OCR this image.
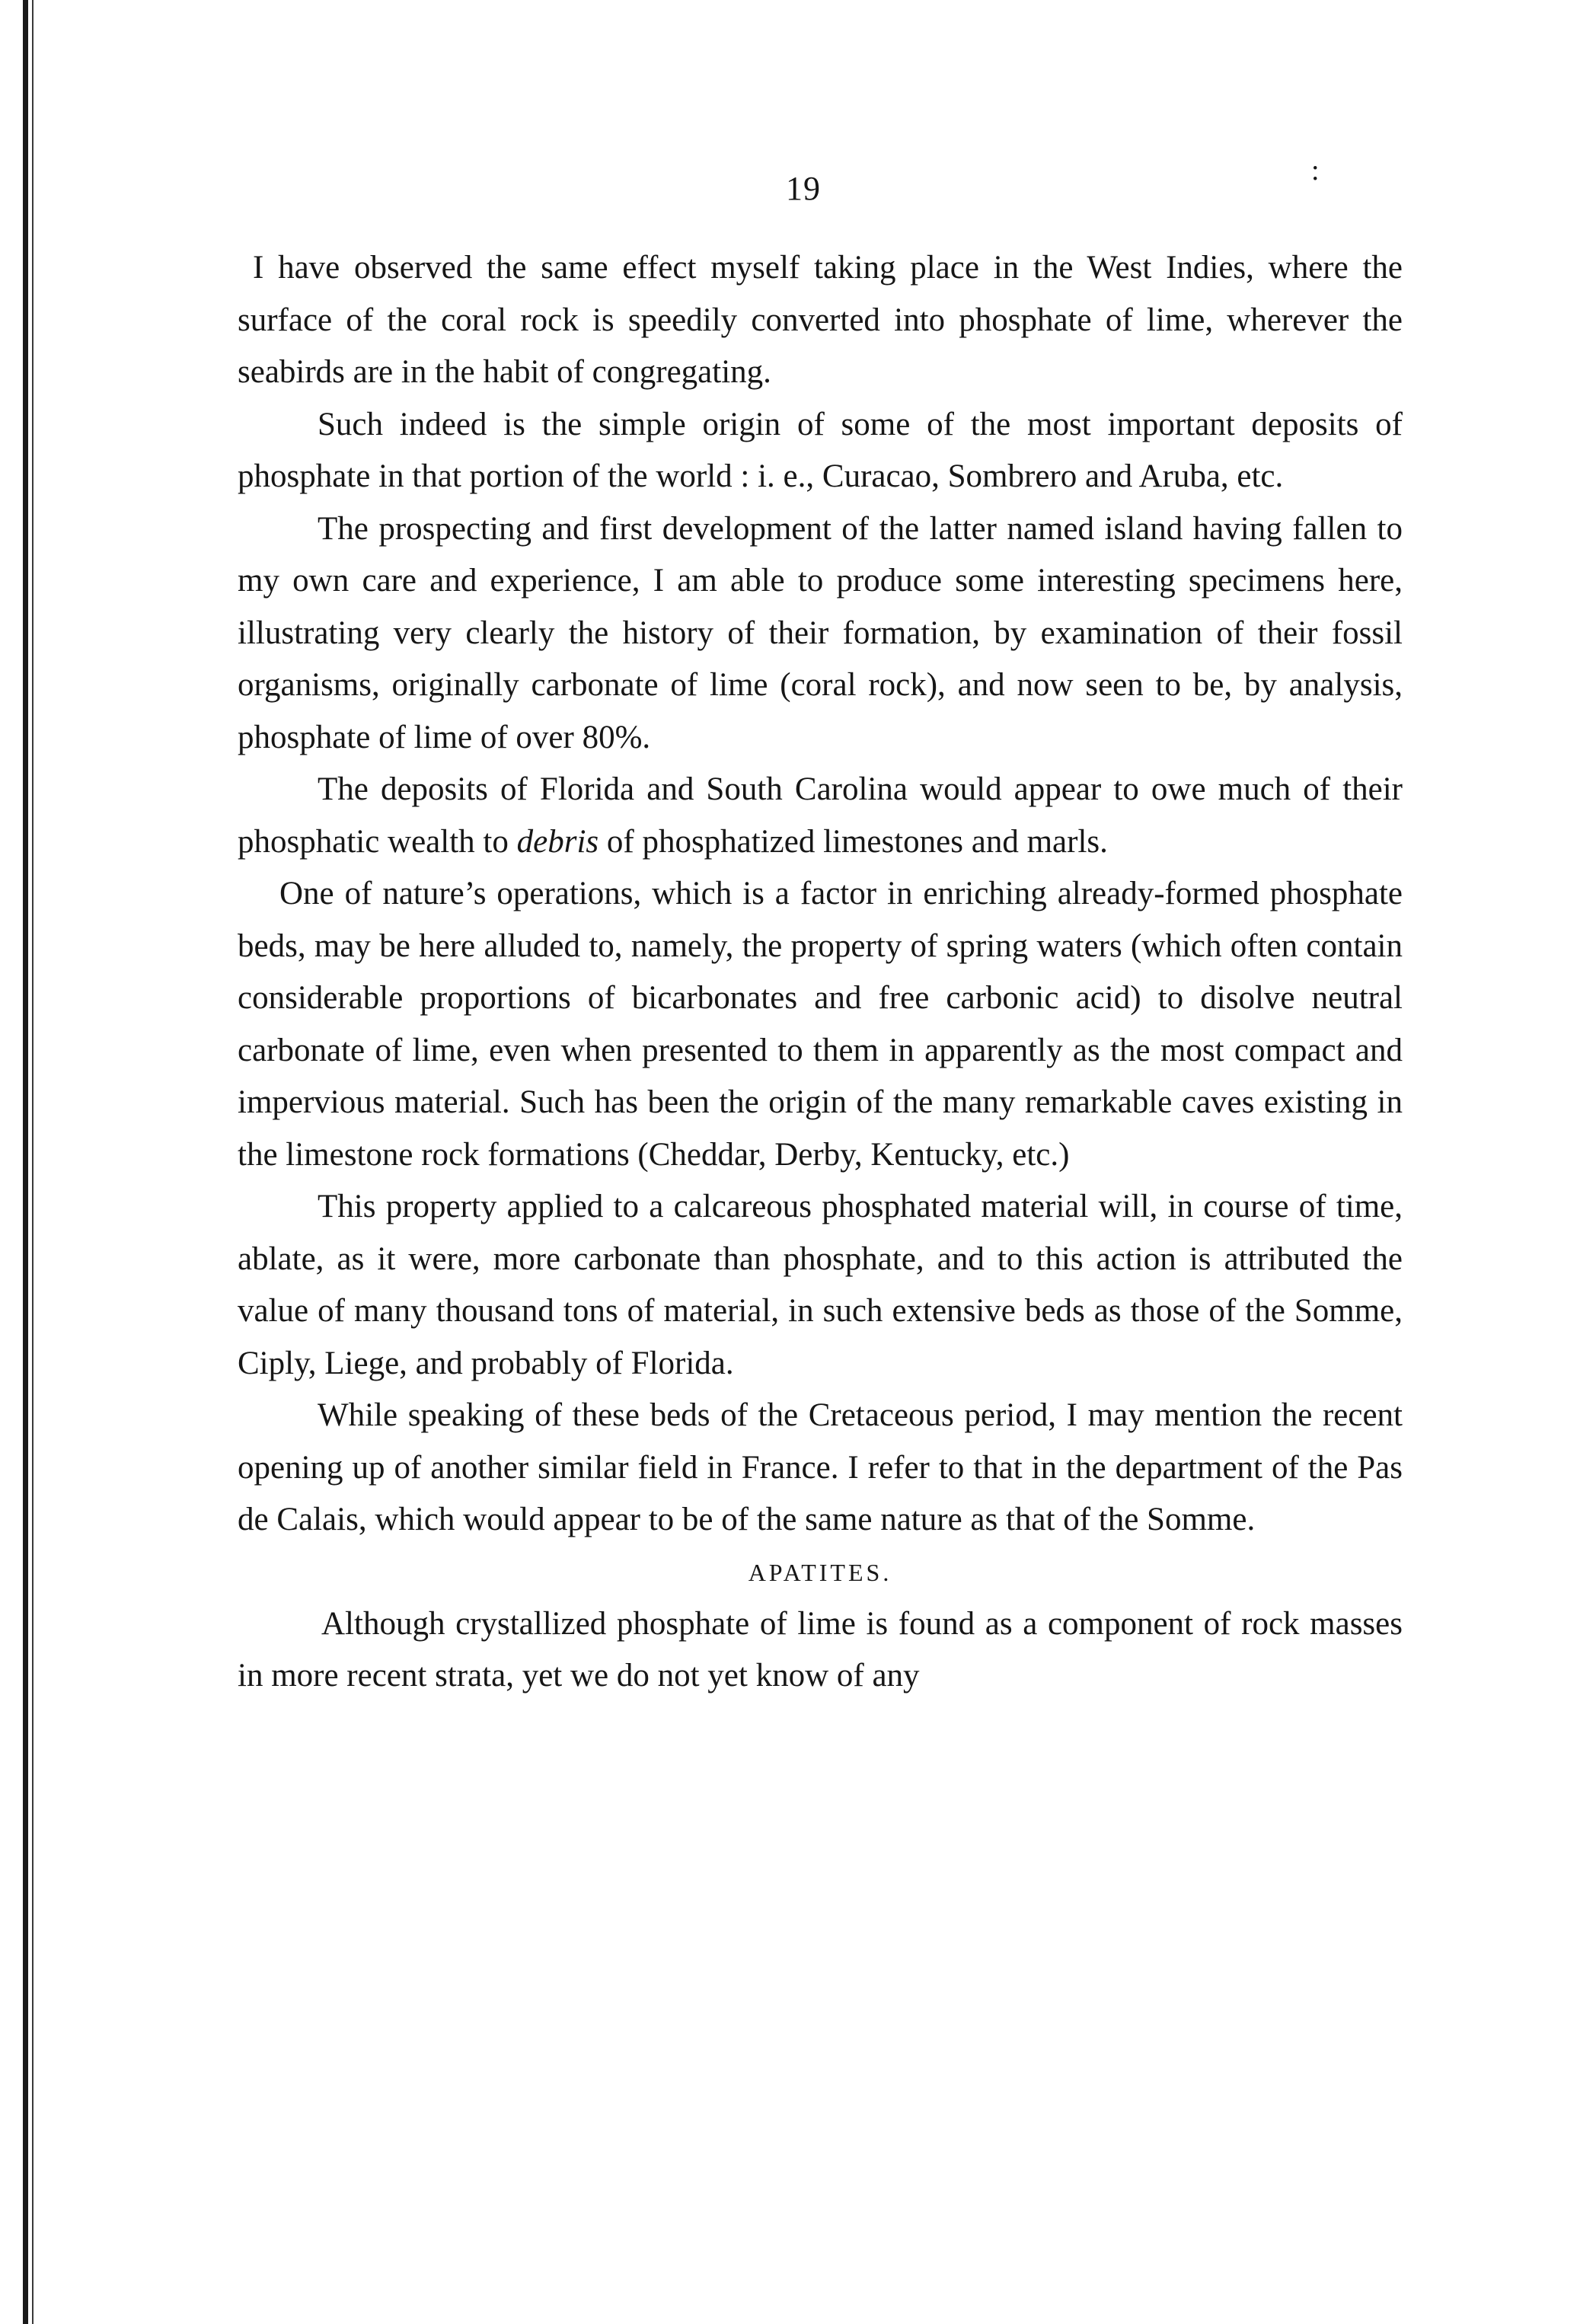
19	:

I have observed the same effect myself taking place in the West Indies, where the surface of the coral rock is speedily converted into phosphate of lime, wherever the seabirds are in the habit of congregating.

Such indeed is the simple origin of some of the most important deposits of phosphate in that portion of the world : i. e., Curacao, Sombrero and Aruba, etc.

The prospecting and first development of the latter named island having fallen to my own care and experience, I am able to produce some interesting specimens here, illustrating very clearly the history of their formation, by examination of their fossil organisms, originally carbonate of lime (coral rock), and now seen to be, by analysis, phosphate of lime of over 80%.

The deposits of Florida and South Carolina would appear to owe much of their phosphatic wealth to debris of phosphatized limestones and marls.

One of nature’s operations, which is a factor in enriching already-formed phosphate beds, may be here alluded to, namely, the property of spring waters (which often contain considerable proportions of bicarbonates and free carbonic acid) to disolve neutral carbonate of lime, even when presented to them in apparently as the most compact and impervious material. Such has been the origin of the many remarkable caves existing in the limestone rock formations (Cheddar, Derby, Kentucky, etc.)

This property applied to a calcareous phosphated material will, in course of time, ablate, as it were, more carbonate than phosphate, and to this action is attributed the value of many thousand tons of material, in such extensive beds as those of the Somme, Ciply, Liege, and probably of Florida.

While speaking of these beds of the Cretaceous period, I may mention the recent opening up of another similar field in France. I refer to that in the department of the Pas de Calais, which would appear to be of the same nature as that of the Somme.

APATITES.

Although crystallized phosphate of lime is found as a component of rock masses in more recent strata, yet we do not yet know of any
